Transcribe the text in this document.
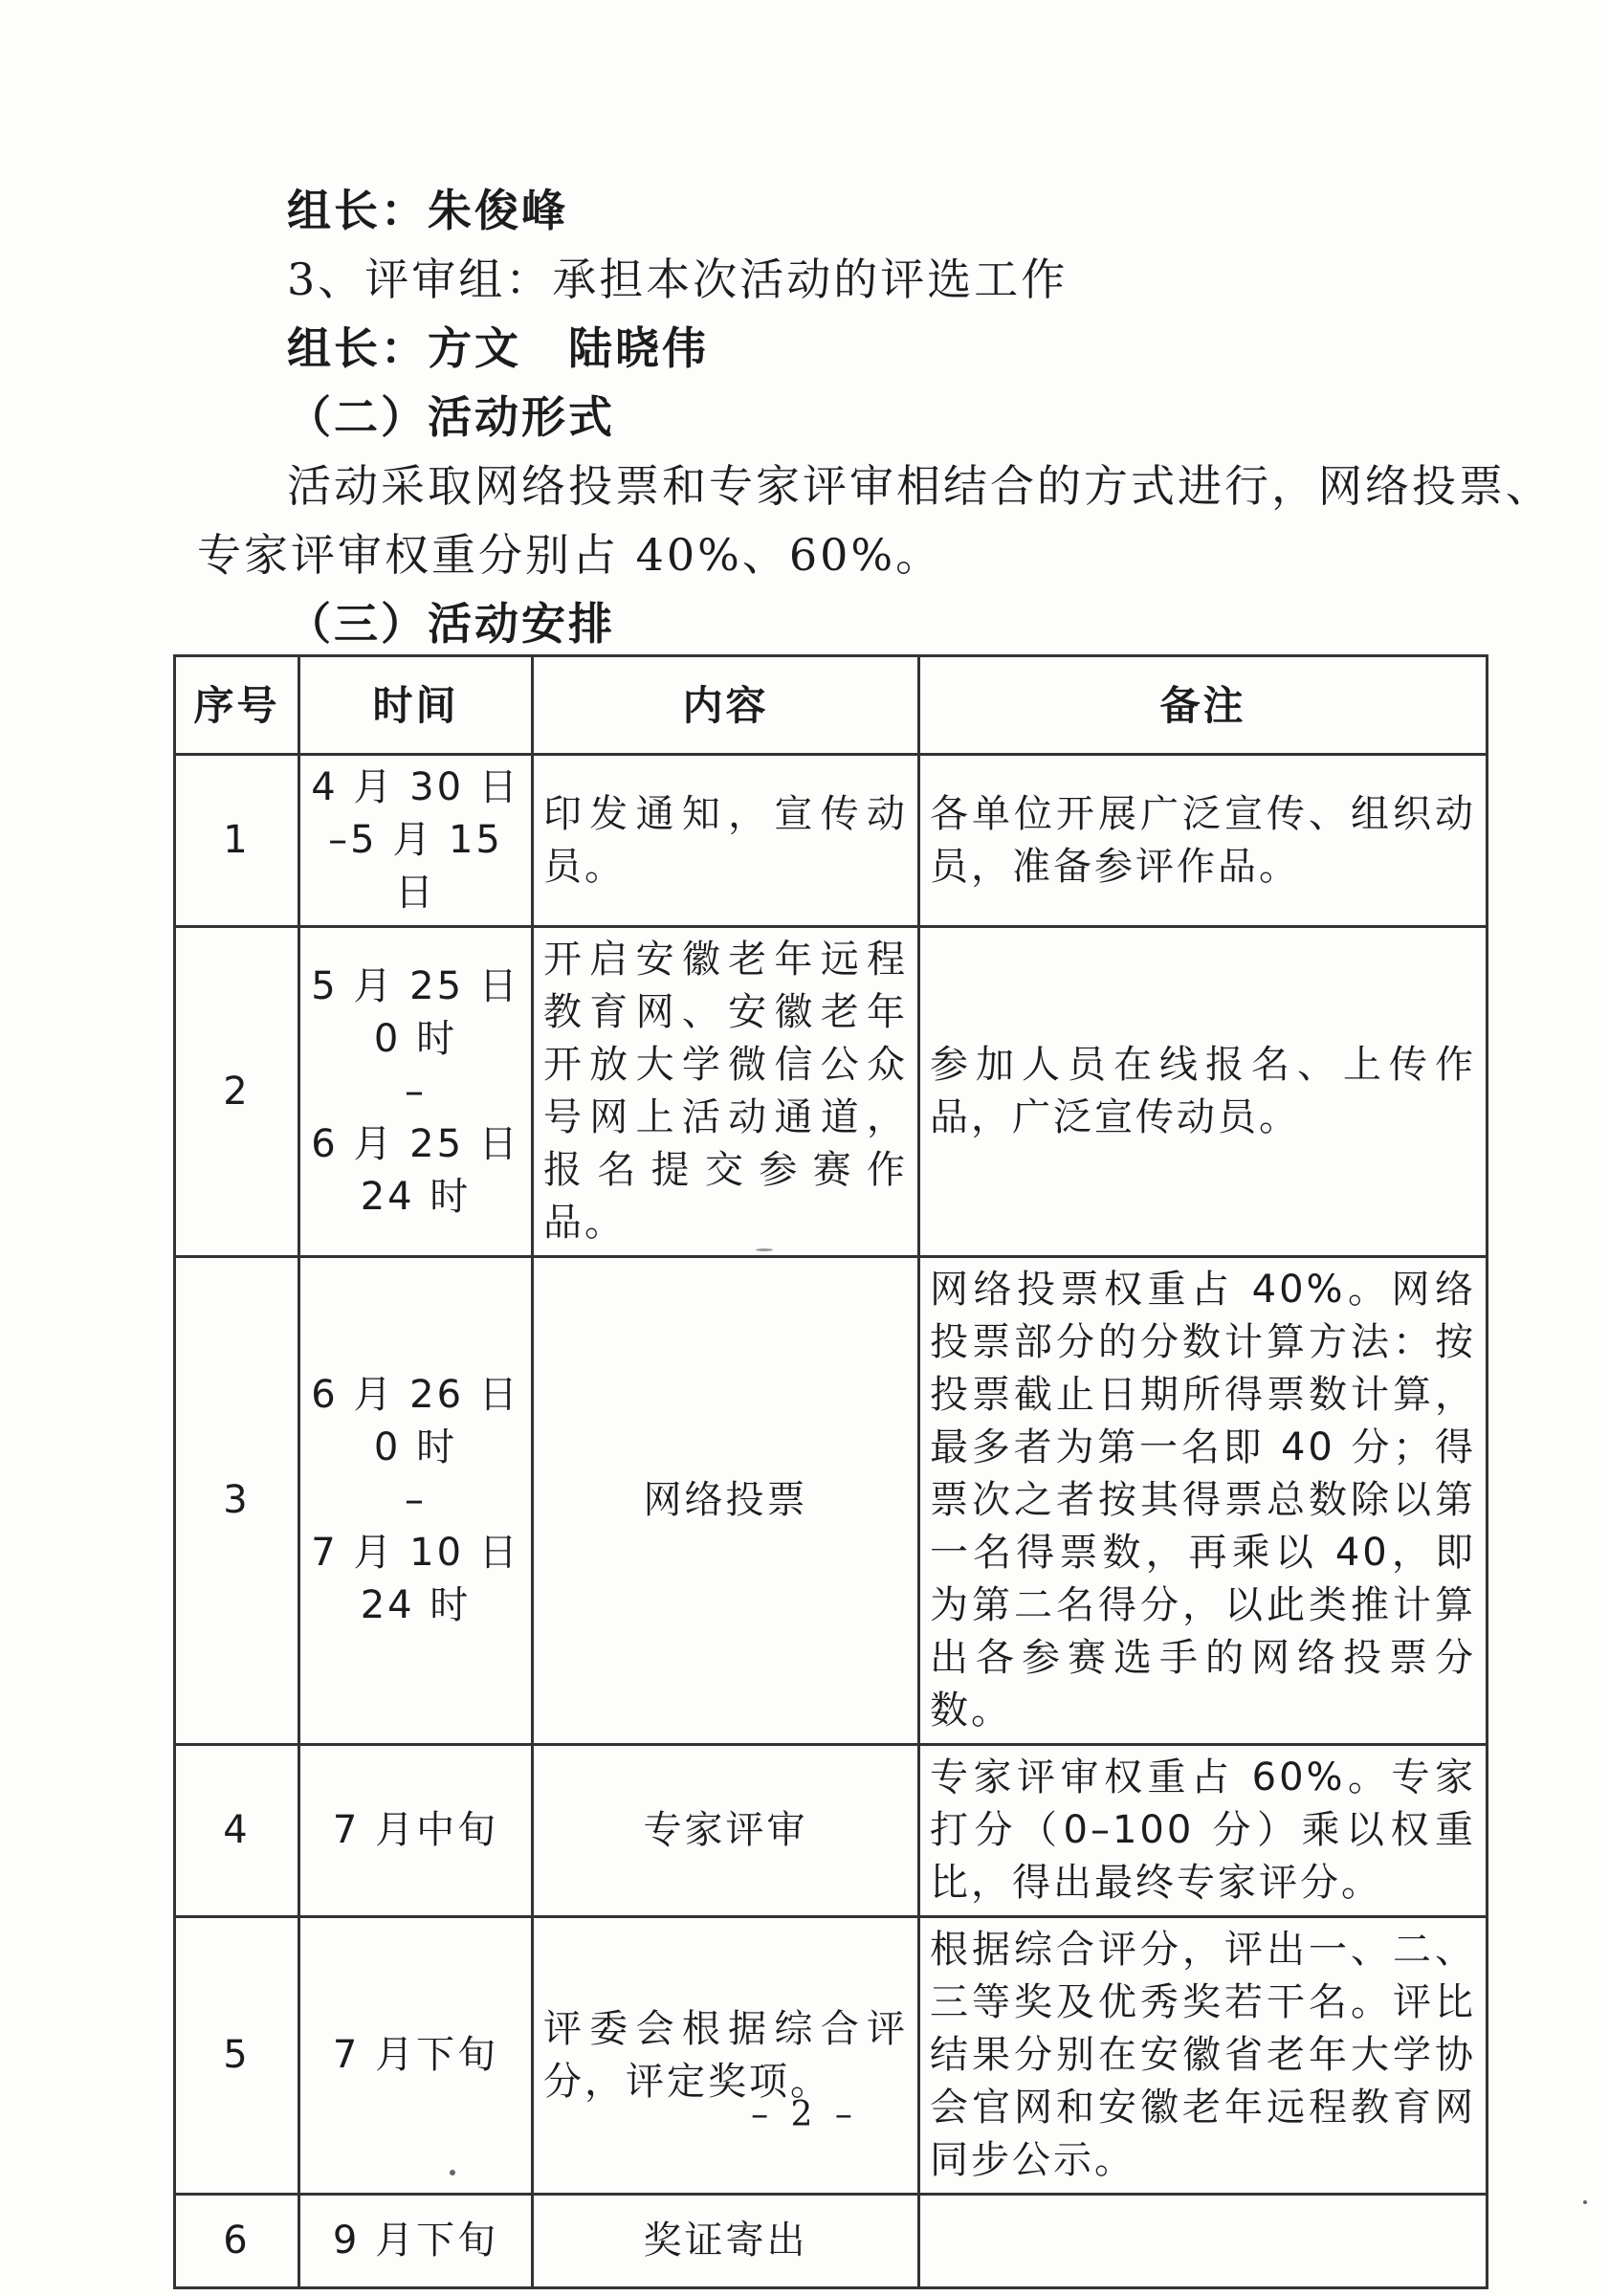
组长：朱俊峰
3、评审组：承担本次活动的评选工作
组长：方文　陆晓伟
（二）活动形式
活动采取网络投票和专家评审相结合的方式进行，网络投票、
专家评审权重分别占 40%、60%。
（三）活动安排
序号	时间	内容	备注
1	4 月 30 日
–5 月 15 日	印发通知，宣传动员。	各单位开展广泛宣传、组织动员，准备参评作品。
2	5 月 25 日
0 时
–
6 月 25 日
24 时	开启安徽老年远程教育网、安徽老年开放大学微信公众号网上活动通道，报名提交参赛作品。	参加人员在线报名、上传作品，广泛宣传动员。
3	6 月 26 日
0 时
–
7 月 10 日
24 时	网络投票	网络投票权重占 40%。网络投票部分的分数计算方法：按投票截止日期所得票数计算，最多者为第一名即 40 分；得票次之者按其得票总数除以第一名得票数，再乘以 40，即为第二名得分，以此类推计算出各参赛选手的网络投票分数。
4	7 月中旬	专家评审	专家评审权重占 60%。专家打分（0–100 分）乘以权重比，得出最终专家评分。
5	7 月下旬	评委会根据综合评分，评定奖项。	根据综合评分，评出一、二、三等奖及优秀奖若干名。评比结果分别在安徽省老年大学协会官网和安徽老年远程教育网同步公示。
6	9 月下旬	奖证寄出	
– 2 –
